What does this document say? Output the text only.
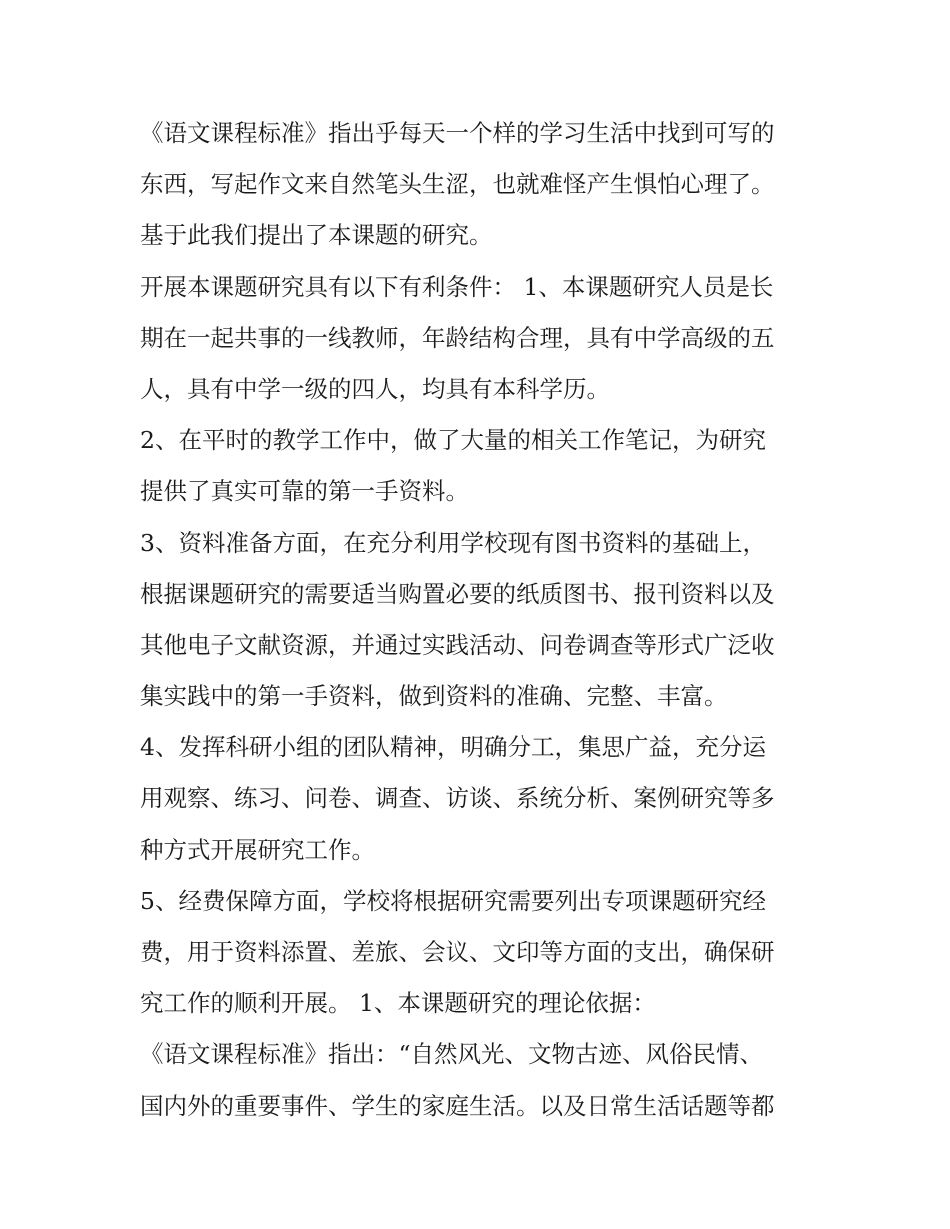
《语文课程标准》指出乎每天一个样的学习生活中找到可写的
东西，写起作文来自然笔头生涩，也就难怪产生惧怕心理了。
基于此我们提出了本课题的研究。
开展本课题研究具有以下有利条件： 1、本课题研究人员是长
期在一起共事的一线教师，年龄结构合理，具有中学高级的五
人，具有中学一级的四人，均具有本科学历。
2、在平时的教学工作中，做了大量的相关工作笔记，为研究
提供了真实可靠的第一手资料。
3、资料准备方面，在充分利用学校现有图书资料的基础上，
根据课题研究的需要适当购置必要的纸质图书、报刊资料以及
其他电子文献资源，并通过实践活动、问卷调查等形式广泛收
集实践中的第一手资料，做到资料的准确、完整、丰富。
4、发挥科研小组的团队精神，明确分工，集思广益，充分运
用观察、练习、问卷、调查、访谈、系统分析、案例研究等多
种方式开展研究工作。
5、经费保障方面，学校将根据研究需要列出专项课题研究经
费，用于资料添置、差旅、会议、文印等方面的支出，确保研
究工作的顺利开展。 1、本课题研究的理论依据：
《语文课程标准》指出：“自然风光、文物古迹、风俗民情、
国内外的重要事件、学生的家庭生活。以及日常生活话题等都
